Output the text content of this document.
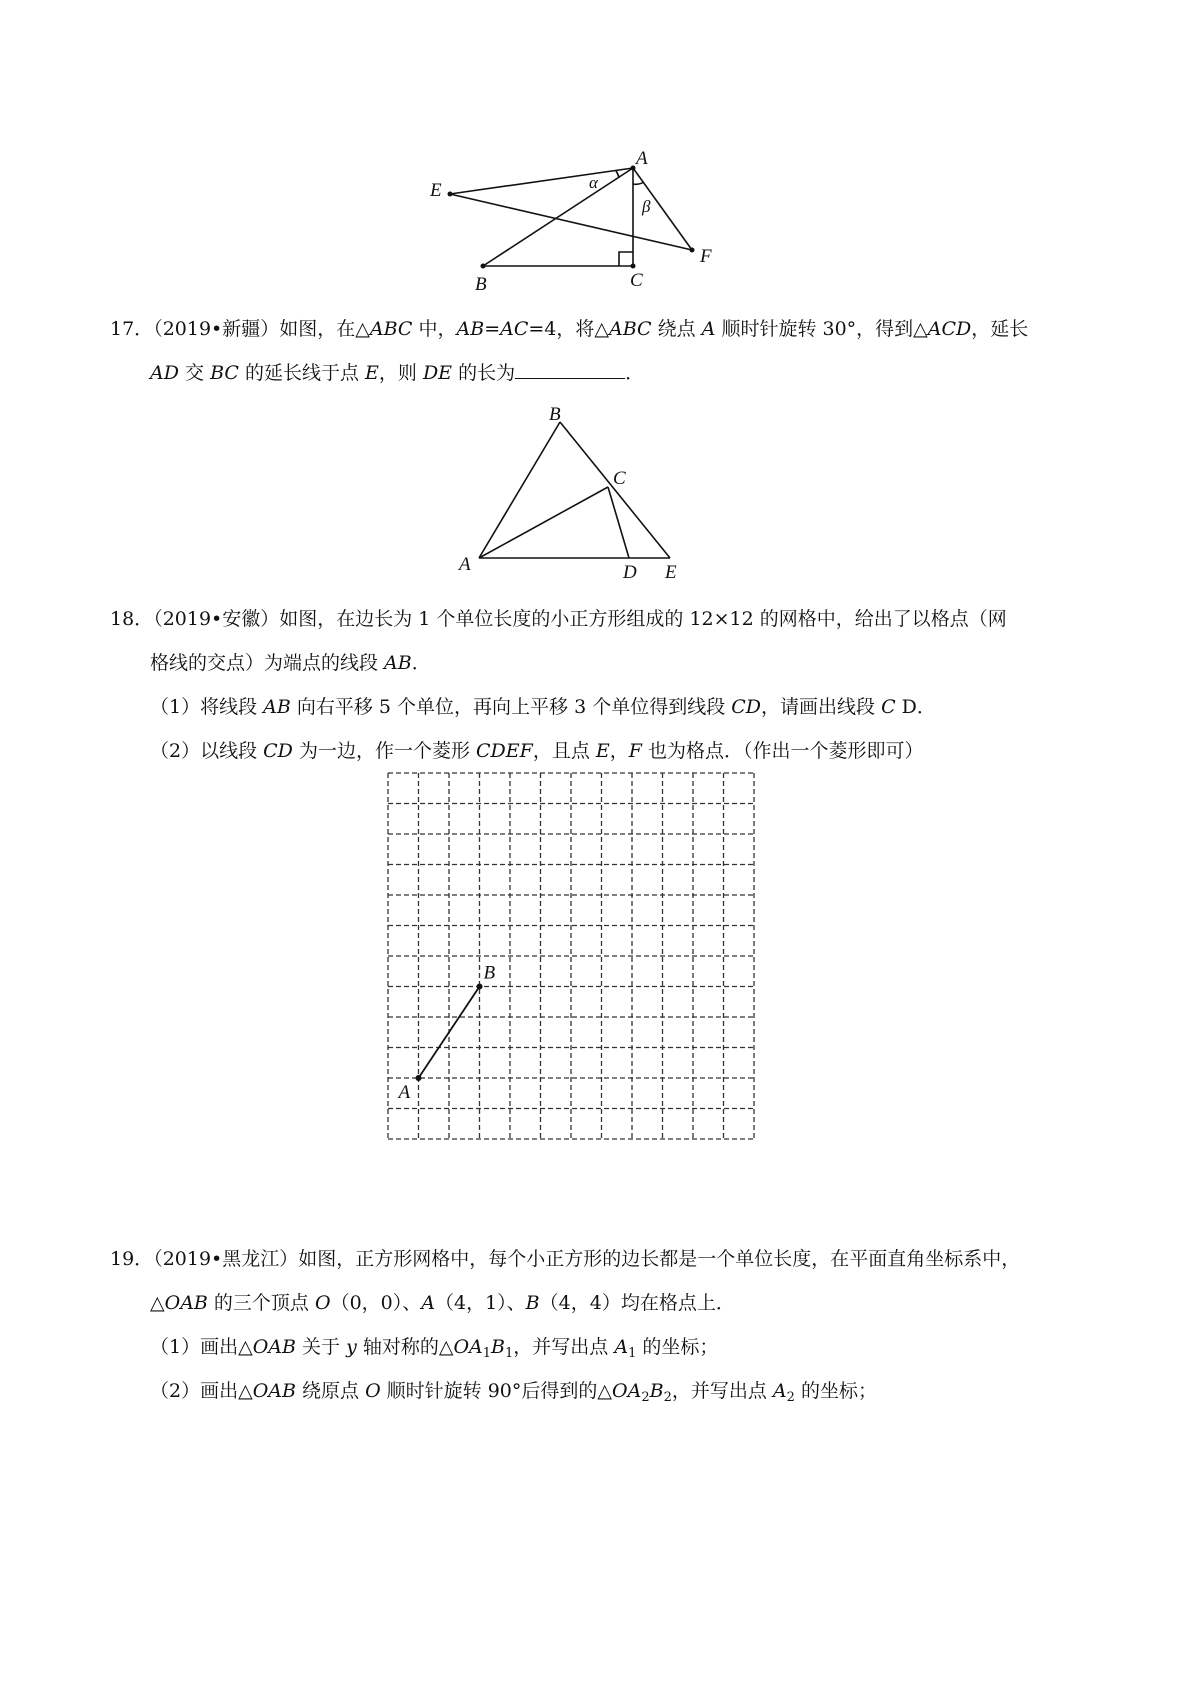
A
E
F
B	C
α
β
17．（2019•新疆）如图，在△ABC 中，AB=AC=4，将△ABC 绕点 A 顺时针旋转 30°，得到△ACD，延长
AD 交 BC 的延长线于点 E，则 DE 的长为	．
B
C
A	D E
18．（2019•安徽）如图，在边长为 1 个单位长度的小正方形组成的 12×12 的网格中，给出了以格点（网
格线的交点）为端点的线段 AB．
（1）将线段 AB 向右平移 5 个单位，再向上平移 3 个单位得到线段 CD，请画出线段 C D．
（2）以线段 CD 为一边，作一个菱形 CDEF，且点 E，F 也为格点．（作出一个菱形即可）
A
B
19．（2019•黑龙江）如图，正方形网格中，每个小正方形的边长都是一个单位长度，在平面直角坐标系中，
△OAB 的三个顶点 O（0，0）、A（4，1）、B（4，4）均在格点上．
（1）画出△OAB 关于 y 轴对称的$\triangle OA_1B_1$，并写出点 $A_1$ 的坐标；
（2）画出△OAB 绕原点 O 顺时针旋转 90°后得到的$\triangle OA_2B_2$，并写出点 $A_2$ 的坐标；
